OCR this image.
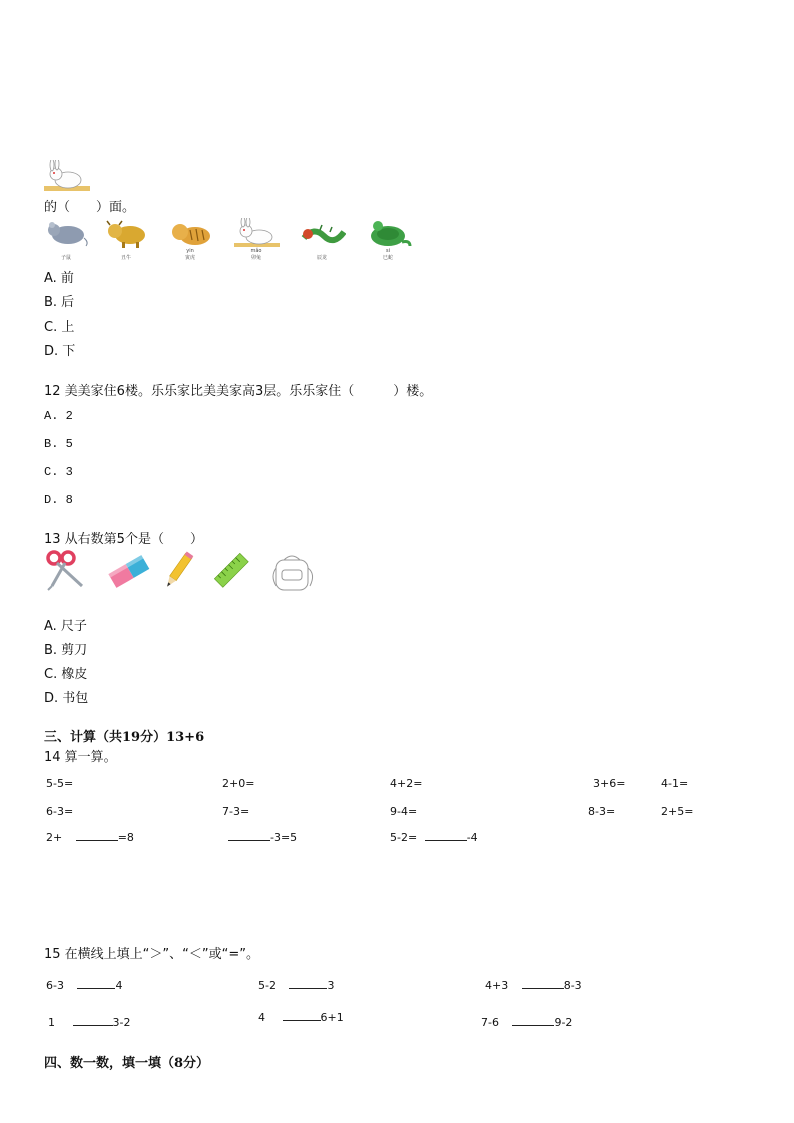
的（　　）面。
子鼠	丑牛
yin
寅虎
mǎo
卯兔	辰龙
si
巳蛇
A. 前
B. 后
C. 上
D. 下
12 美美家住6楼。乐乐家比美美家高3层。乐乐家住（　　　）楼。
A. 2
B. 5
C. 3
D. 8
13 从右数第5个是（　　）
A. 尺子
B. 剪刀
C. 橡皮
D. 书包
三、计算（共19分）13+6
14 算一算。
5-5=	2+0=	4+2=	3+6=	4-1=
6-3=	7-3=	9-4=	8-3=	2+5=
2+	=8	-3=5	5-2=	-4
15 在横线上填上“＞”、“＜”或“=”。
6-3	4	5-2	3	4+3	8-3
1	3-2	4	6+1	7-6	9-2
四、数一数，填一填（8分）
